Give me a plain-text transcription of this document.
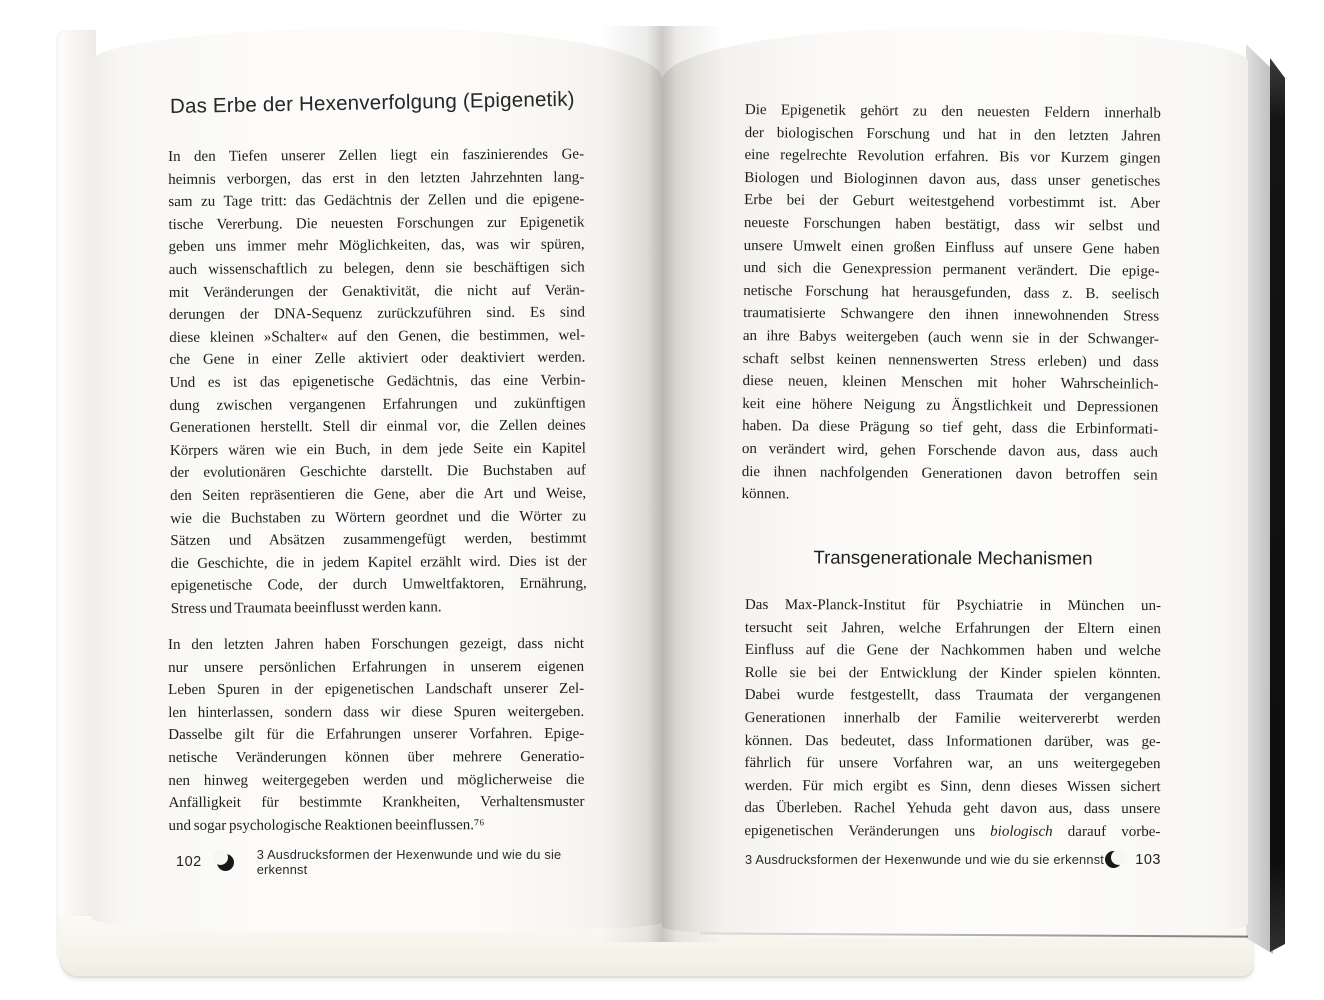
Das Erbe der Hexenverfolgung (Epigenetik)
In den Tiefen unserer Zellen liegt ein faszinierendes Ge-
heimnis verborgen, das erst in den letzten Jahrzehnten lang-
sam zu Tage tritt: das Gedächtnis der Zellen und die epigene-
tische Vererbung. Die neuesten Forschungen zur Epigenetik
geben uns immer mehr Möglichkeiten, das, was wir spüren,
auch wissenschaftlich zu belegen, denn sie beschäftigen sich
mit Veränderungen der Genaktivität, die nicht auf Verän-
derungen der DNA-Sequenz zurückzuführen sind. Es sind
diese kleinen »Schalter« auf den Genen, die bestimmen, wel-
che Gene in einer Zelle aktiviert oder deaktiviert werden.
Und es ist das epigenetische Gedächtnis, das eine Verbin-
dung zwischen vergangenen Erfahrungen und zukünftigen
Generationen herstellt. Stell dir einmal vor, die Zellen deines
Körpers wären wie ein Buch, in dem jede Seite ein Kapitel
der evolutionären Geschichte darstellt. Die Buchstaben auf
den Seiten repräsentieren die Gene, aber die Art und Weise,
wie die Buchstaben zu Wörtern geordnet und die Wörter zu
Sätzen und Absätzen zusammengefügt werden, bestimmt
die Geschichte, die in jedem Kapitel erzählt wird. Dies ist der
epigenetische Code, der durch Umweltfaktoren, Ernährung,
Stress und Traumata beeinflusst werden kann.
In den letzten Jahren haben Forschungen gezeigt, dass nicht
nur unsere persönlichen Erfahrungen in unserem eigenen
Leben Spuren in der epigenetischen Landschaft unserer Zel-
len hinterlassen, sondern dass wir diese Spuren weitergeben.
Dasselbe gilt für die Erfahrungen unserer Vorfahren. Epige-
netische Veränderungen können über mehrere Generatio-
nen hinweg weitergegeben werden und möglicherweise die
Anfälligkeit für bestimmte Krankheiten, Verhaltensmuster
und sogar psychologische Reaktionen beeinflussen.⁷⁶
102	3 Ausdrucksformen der Hexenwunde und wie du sie erkennst
Die Epigenetik gehört zu den neuesten Feldern innerhalb
der biologischen Forschung und hat in den letzten Jahren
eine regelrechte Revolution erfahren. Bis vor Kurzem gingen
Biologen und Biologinnen davon aus, dass unser genetisches
Erbe bei der Geburt weitestgehend vorbestimmt ist. Aber
neueste Forschungen haben bestätigt, dass wir selbst und
unsere Umwelt einen großen Einfluss auf unsere Gene haben
und sich die Genexpression permanent verändert. Die epige-
netische Forschung hat herausgefunden, dass z. B. seelisch
traumatisierte Schwangere den ihnen innewohnenden Stress
an ihre Babys weitergeben (auch wenn sie in der Schwanger-
schaft selbst keinen nennenswerten Stress erleben) und dass
diese neuen, kleinen Menschen mit hoher Wahrscheinlich-
keit eine höhere Neigung zu Ängstlichkeit und Depressionen
haben. Da diese Prägung so tief geht, dass die Erbinformati-
on verändert wird, gehen Forschende davon aus, dass auch
die ihnen nachfolgenden Generationen davon betroffen sein
können.
Transgenerationale Mechanismen
Das Max-Planck-Institut für Psychiatrie in München un-
tersucht seit Jahren, welche Erfahrungen der Eltern einen
Einfluss auf die Gene der Nachkommen haben und welche
Rolle sie bei der Entwicklung der Kinder spielen könnten.
Dabei wurde festgestellt, dass Traumata der vergangenen
Generationen innerhalb der Familie weitervererbt werden
können. Das bedeutet, dass Informationen darüber, was ge-
fährlich für unsere Vorfahren war, an uns weitergegeben
werden. Für mich ergibt es Sinn, denn dieses Wissen sichert
das Überleben. Rachel Yehuda geht davon aus, dass unsere
epigenetischen Veränderungen uns biologisch darauf vorbe-
3 Ausdrucksformen der Hexenwunde und wie du sie erkennst 103
